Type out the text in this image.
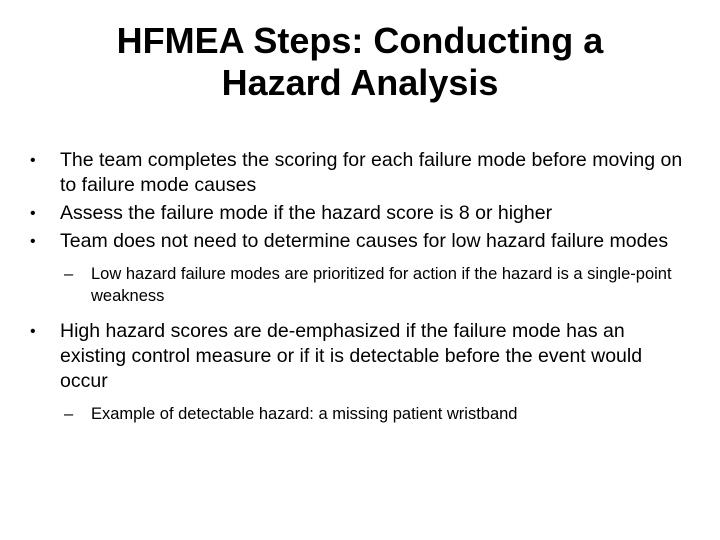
HFMEA Steps: Conducting a
Hazard Analysis
• The team completes the scoring for each failure mode before moving on to failure mode causes
• Assess the failure mode if the hazard score is 8 or higher
• Team does not need to determine causes for low hazard failure modes
– Low hazard failure modes are prioritized for action if the hazard is a single-point weakness
• High hazard scores are de-emphasized if the failure mode has an existing control measure or if it is detectable before the event would occur
– Example of detectable hazard: a missing patient wristband
